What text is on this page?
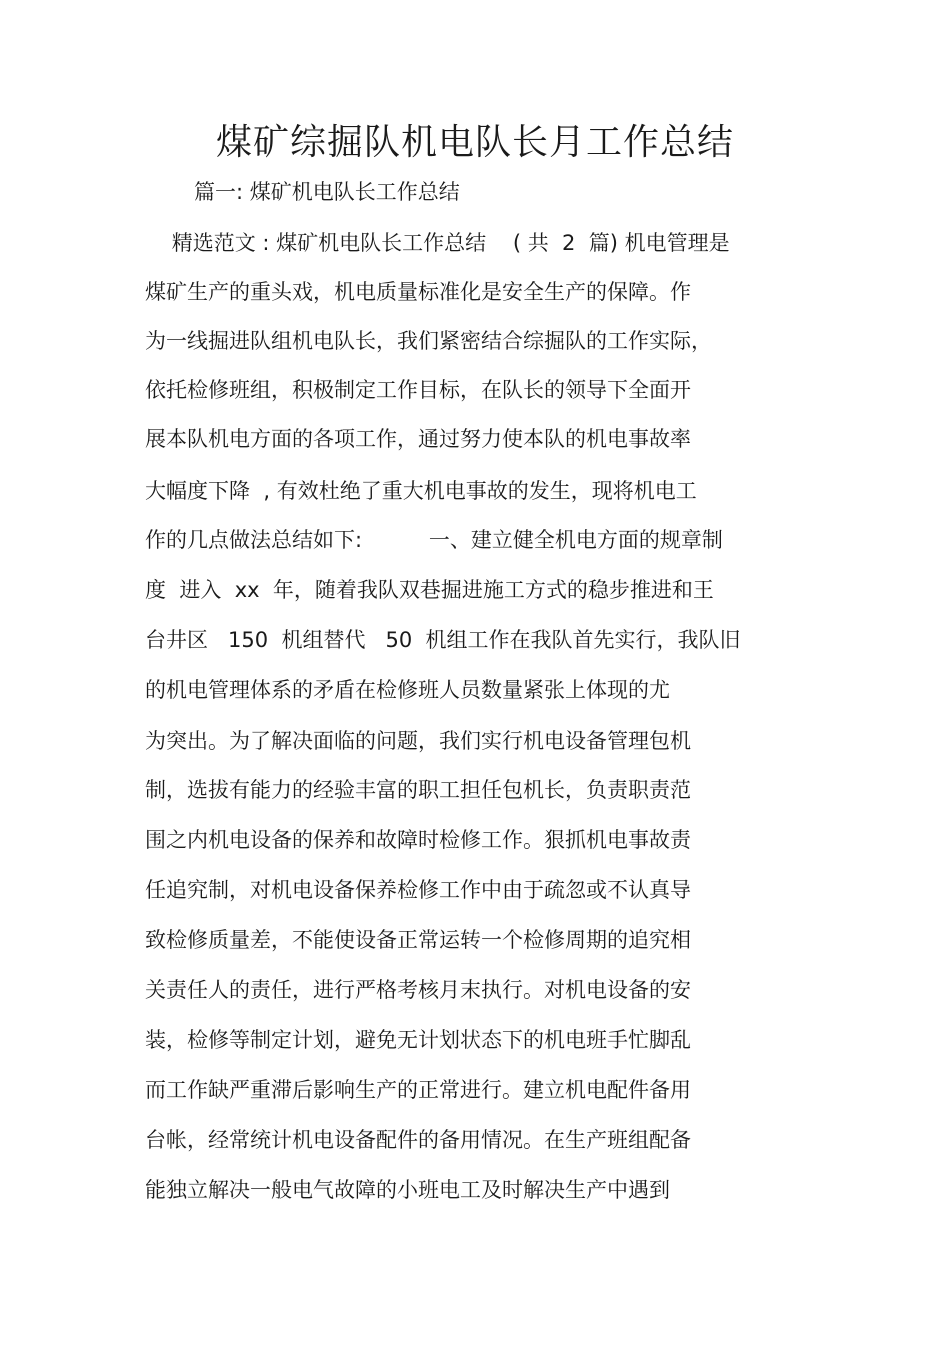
煤矿综掘队机电队长月工作总结
篇一: 煤矿机电队长工作总结
精选范文 : 煤矿机电队长工作总结    ( 共  2  篇) 机电管理是
煤矿生产的重头戏，机电质量标准化是安全生产的保障。作
为一线掘进队组机电队长，我们紧密结合综掘队的工作实际，
依托检修班组，积极制定工作目标，在队长的领导下全面开
展本队机电方面的各项工作，通过努力使本队的机电事故率
大幅度下降  , 有效杜绝了重大机电事故的发生，现将机电工
作的几点做法总结如下:          一、建立健全机电方面的规章制
度  进入  xx  年，随着我队双巷掘进施工方式的稳步推进和王
台井区   150  机组替代   50  机组工作在我队首先实行，我队旧
的机电管理体系的矛盾在检修班人员数量紧张上体现的尤
为突出。为了解决面临的问题，我们实行机电设备管理包机
制，选拔有能力的经验丰富的职工担任包机长，负责职责范
围之内机电设备的保养和故障时检修工作。狠抓机电事故责
任追究制，对机电设备保养检修工作中由于疏忽或不认真导
致检修质量差，不能使设备正常运转一个检修周期的追究相
关责任人的责任，进行严格考核月末执行。对机电设备的安
装，检修等制定计划，避免无计划状态下的机电班手忙脚乱
而工作缺严重滞后影响生产的正常进行。建立机电配件备用
台帐，经常统计机电设备配件的备用情况。在生产班组配备
能独立解决一般电气故障的小班电工及时解决生产中遇到
